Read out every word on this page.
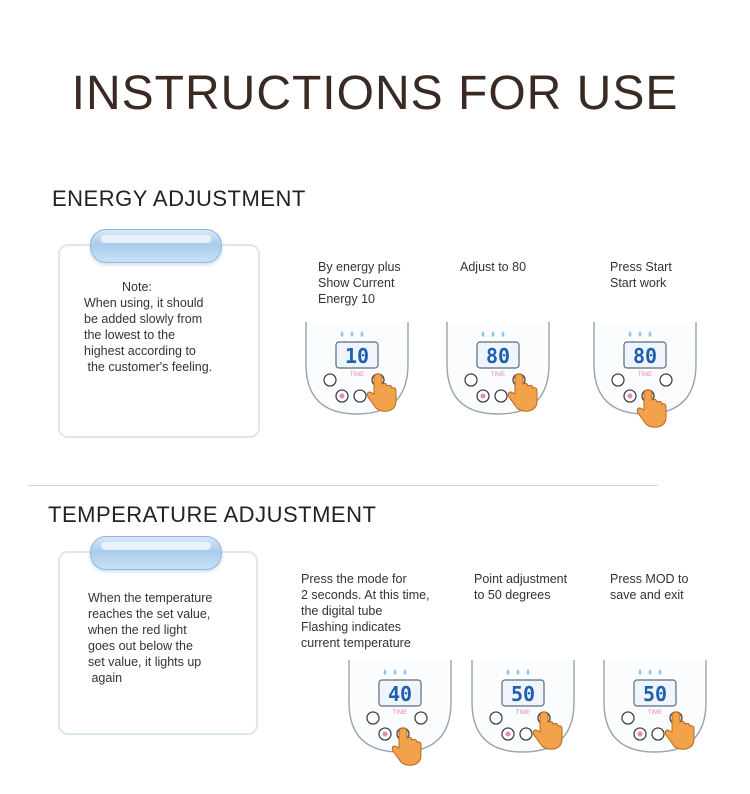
INSTRUCTIONS FOR USE
ENERGY ADJUSTMENT
Note:
When using, it should
be added slowly from
the lowest to the
highest according to
the customer's feeling.
By energy plus
Show Current
Energy 10
Adjust to 80	Press Start
Start work
TEMPERATURE ADJUSTMENT
When the temperature
reaches the set value,
when the red light
goes out below the
set value, it lights up
again
Press the mode for
2 seconds. At this time,
the digital tube
Flashing indicates
current temperature
Point adjustment
to 50 degrees
Press MOD to
save and exit
10
TIME
80
TIME
80
TIME
40
TIME
50
TIME
50
TIME
